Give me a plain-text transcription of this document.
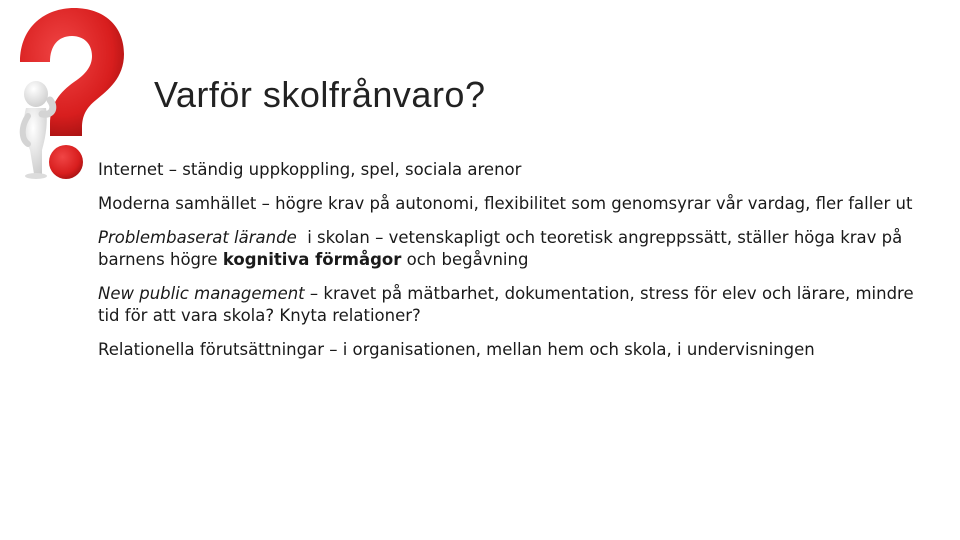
Varför skolfrånvaro?
Internet – ständig uppkoppling, spel, sociala arenor
Moderna samhället – högre krav på autonomi, flexibilitet som genomsyrar vår vardag, fler faller ut
Problembaserat lärande  i skolan – vetenskapligt och teoretisk angreppssätt, ställer höga krav på barnens högre kognitiva förmågor och begåvning
New public management – kravet på mätbarhet, dokumentation, stress för elev och lärare, mindre tid för att vara skola? Knyta relationer?
Relationella förutsättningar – i organisationen, mellan hem och skola, i undervisningen
